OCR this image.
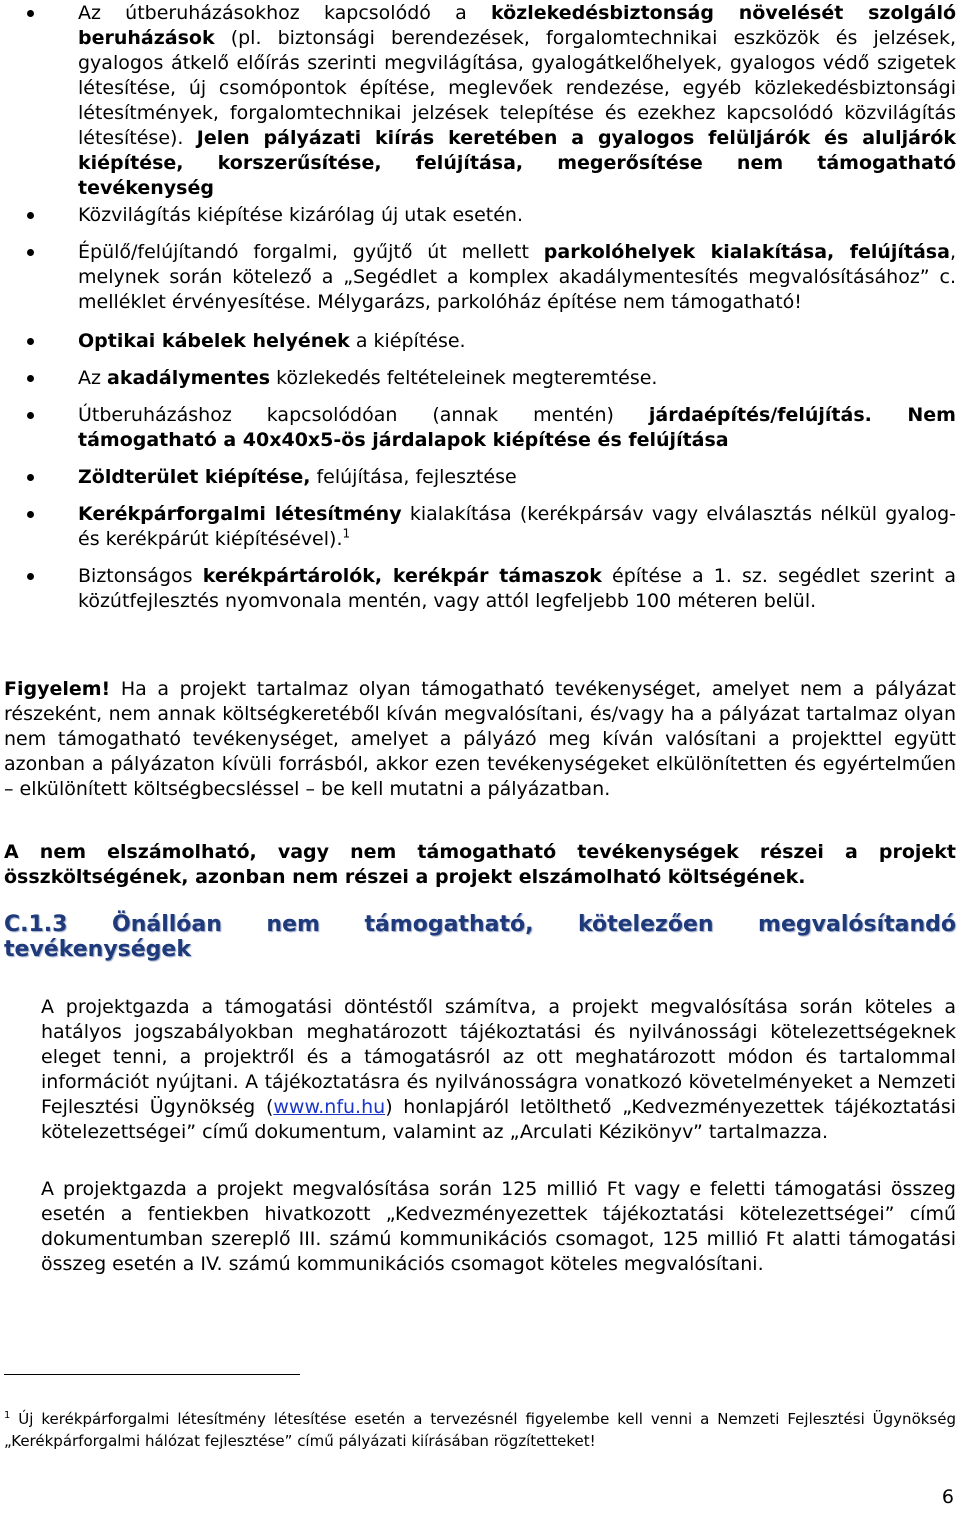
Az útberuházásokhoz kapcsolódó a közlekedésbiztonság növelését szolgáló beruházások (pl. biztonsági berendezések, forgalomtechnikai eszközök és jelzések, gyalogos átkelő előírás szerinti megvilágítása, gyalogátkelőhelyek, gyalogos védő szigetek létesítése, új csomópontok építése, meglevőek rendezése, egyéb közlekedésbiztonsági létesítmények, forgalomtechnikai jelzések telepítése és ezekhez kapcsolódó közvilágítás létesítése). Jelen pályázati kiírás keretében a gyalogos felüljárók és aluljárók kiépítése, korszerűsítése, felújítása, megerősítése nem támogatható tevékenység

Közvilágítás kiépítése kizárólag új utak esetén.

Épülő/felújítandó forgalmi, gyűjtő út mellett parkolóhelyek kialakítása, felújítása, melynek során kötelező a „Segédlet a komplex akadálymentesítés megvalósításához” c. melléklet érvényesítése. Mélygarázs, parkolóház építése nem támogatható!

Optikai kábelek helyének a kiépítése.

Az akadálymentes közlekedés feltételeinek megteremtése.

Útberuházáshoz kapcsolódóan (annak mentén) járdaépítés/felújítás. Nem támogatható a 40x40x5-ös járdalapok kiépítése és felújítása

Zöldterület kiépítése, felújítása, fejlesztése

Kerékpárforgalmi létesítmény kialakítása (kerékpársáv vagy elválasztás nélkül gyalog- és kerékpárút kiépítésével).$^1$

Biztonságos kerékpártárolók, kerékpár támaszok építése a 1. sz. segédlet szerint a közútfejlesztés nyomvonala mentén, vagy attól legfeljebb 100 méteren belül.

Figyelem! Ha a projekt tartalmaz olyan támogatható tevékenységet, amelyet nem a pályázat részeként, nem annak költségkeretéből kíván megvalósítani, és/vagy ha a pályázat tartalmaz olyan nem támogatható tevékenységet, amelyet a pályázó meg kíván valósítani a projekttel együtt azonban a pályázaton kívüli forrásból, akkor ezen tevékenységeket elkülönítetten és egyértelműen – elkülönített költségbecsléssel – be kell mutatni a pályázatban.

A nem elszámolható, vagy nem támogatható tevékenységek részei a projekt összköltségének, azonban nem részei a projekt elszámolható költségének.

C.1.3 Önállóan nem támogatható, kötelezően megvalósítandó tevékenységek

A projektgazda a támogatási döntéstől számítva, a projekt megvalósítása során köteles a hatályos jogszabályokban meghatározott tájékoztatási és nyilvánossági kötelezettségeknek eleget tenni, a projektről és a támogatásról az ott meghatározott módon és tartalommal információt nyújtani. A tájékoztatásra és nyilvánosságra vonatkozó követelményeket a Nemzeti Fejlesztési Ügynökség (www.nfu.hu) honlapjáról letölthető „Kedvezményezettek tájékoztatási kötelezettségei” című dokumentum, valamint az „Arculati Kézikönyv” tartalmazza.

A projektgazda a projekt megvalósítása során 125 millió Ft vagy e feletti támogatási összeg esetén a fentiekben hivatkozott „Kedvezményezettek tájékoztatási kötelezettségei” című dokumentumban szereplő III. számú kommunikációs csomagot, 125 millió Ft alatti támogatási összeg esetén a IV. számú kommunikációs csomagot köteles megvalósítani.

$^1$ Új kerékpárforgalmi létesítmény létesítése esetén a tervezésnél figyelembe kell venni a Nemzeti Fejlesztési Ügynökség „Kerékpárforgalmi hálózat fejlesztése” című pályázati kiírásában rögzítetteket!

6
